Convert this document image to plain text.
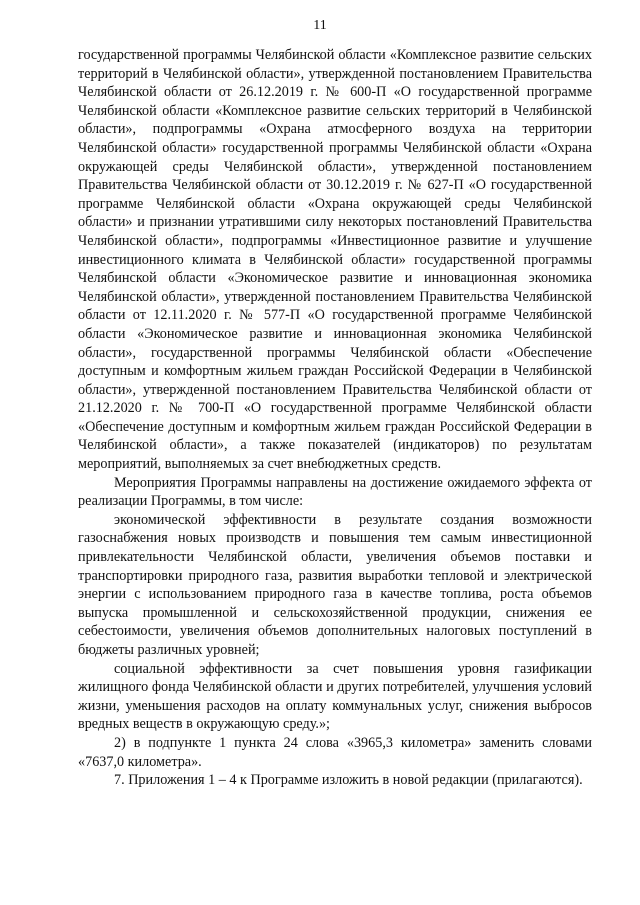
11

государственной программы Челябинской области «Комплексное развитие сельских территорий в Челябинской области», утвержденной постановлением Правительства Челябинской области от 26.12.2019 г. № 600-П «О государственной программе Челябинской области «Комплексное развитие сельских территорий в Челябинской области», подпрограммы «Охрана атмосферного воздуха на территории Челябинской области» государственной программы Челябинской области «Охрана окружающей среды Челябинской области», утвержденной постановлением Правительства Челябинской области от 30.12.2019 г. № 627-П «О государственной программе Челябинской области «Охрана окружающей среды Челябинской области» и признании утратившими силу некоторых постановлений Правительства Челябинской области», подпрограммы «Инвестиционное развитие и улучшение инвестиционного климата в Челябинской области» государственной программы Челябинской области «Экономическое развитие и инновационная экономика Челябинской области», утвержденной постановлением Правительства Челябинской области от 12.11.2020 г. № 577-П «О государственной программе Челябинской области «Экономическое развитие и инновационная экономика Челябинской области», государственной программы Челябинской области «Обеспечение доступным и комфортным жильем граждан Российской Федерации в Челябинской области», утвержденной постановлением Правительства Челябинской области от 21.12.2020 г. № 700-П «О государственной программе Челябинской области «Обеспечение доступным и комфортным жильем граждан Российской Федерации в Челябинской области», а также показателей (индикаторов) по результатам мероприятий, выполняемых за счет внебюджетных средств.

Мероприятия Программы направлены на достижение ожидаемого эффекта от реализации Программы, в том числе:

экономической эффективности в результате создания возможности газоснабжения новых производств и повышения тем самым инвестиционной привлекательности Челябинской области, увеличения объемов поставки и транспортировки природного газа, развития выработки тепловой и электрической энергии с использованием природного газа в качестве топлива, роста объемов выпуска промышленной и сельскохозяйственной продукции, снижения ее себестоимости, увеличения объемов дополнительных налоговых поступлений в бюджеты различных уровней;

социальной эффективности за счет повышения уровня газификации жилищного фонда Челябинской области и других потребителей, улучшения условий жизни, уменьшения расходов на оплату коммунальных услуг, снижения выбросов вредных веществ в окружающую среду.»;

2) в подпункте 1 пункта 24 слова «3965,3 километра» заменить словами «7637,0 километра».

7. Приложения 1 – 4 к Программе изложить в новой редакции (прилагаются).
